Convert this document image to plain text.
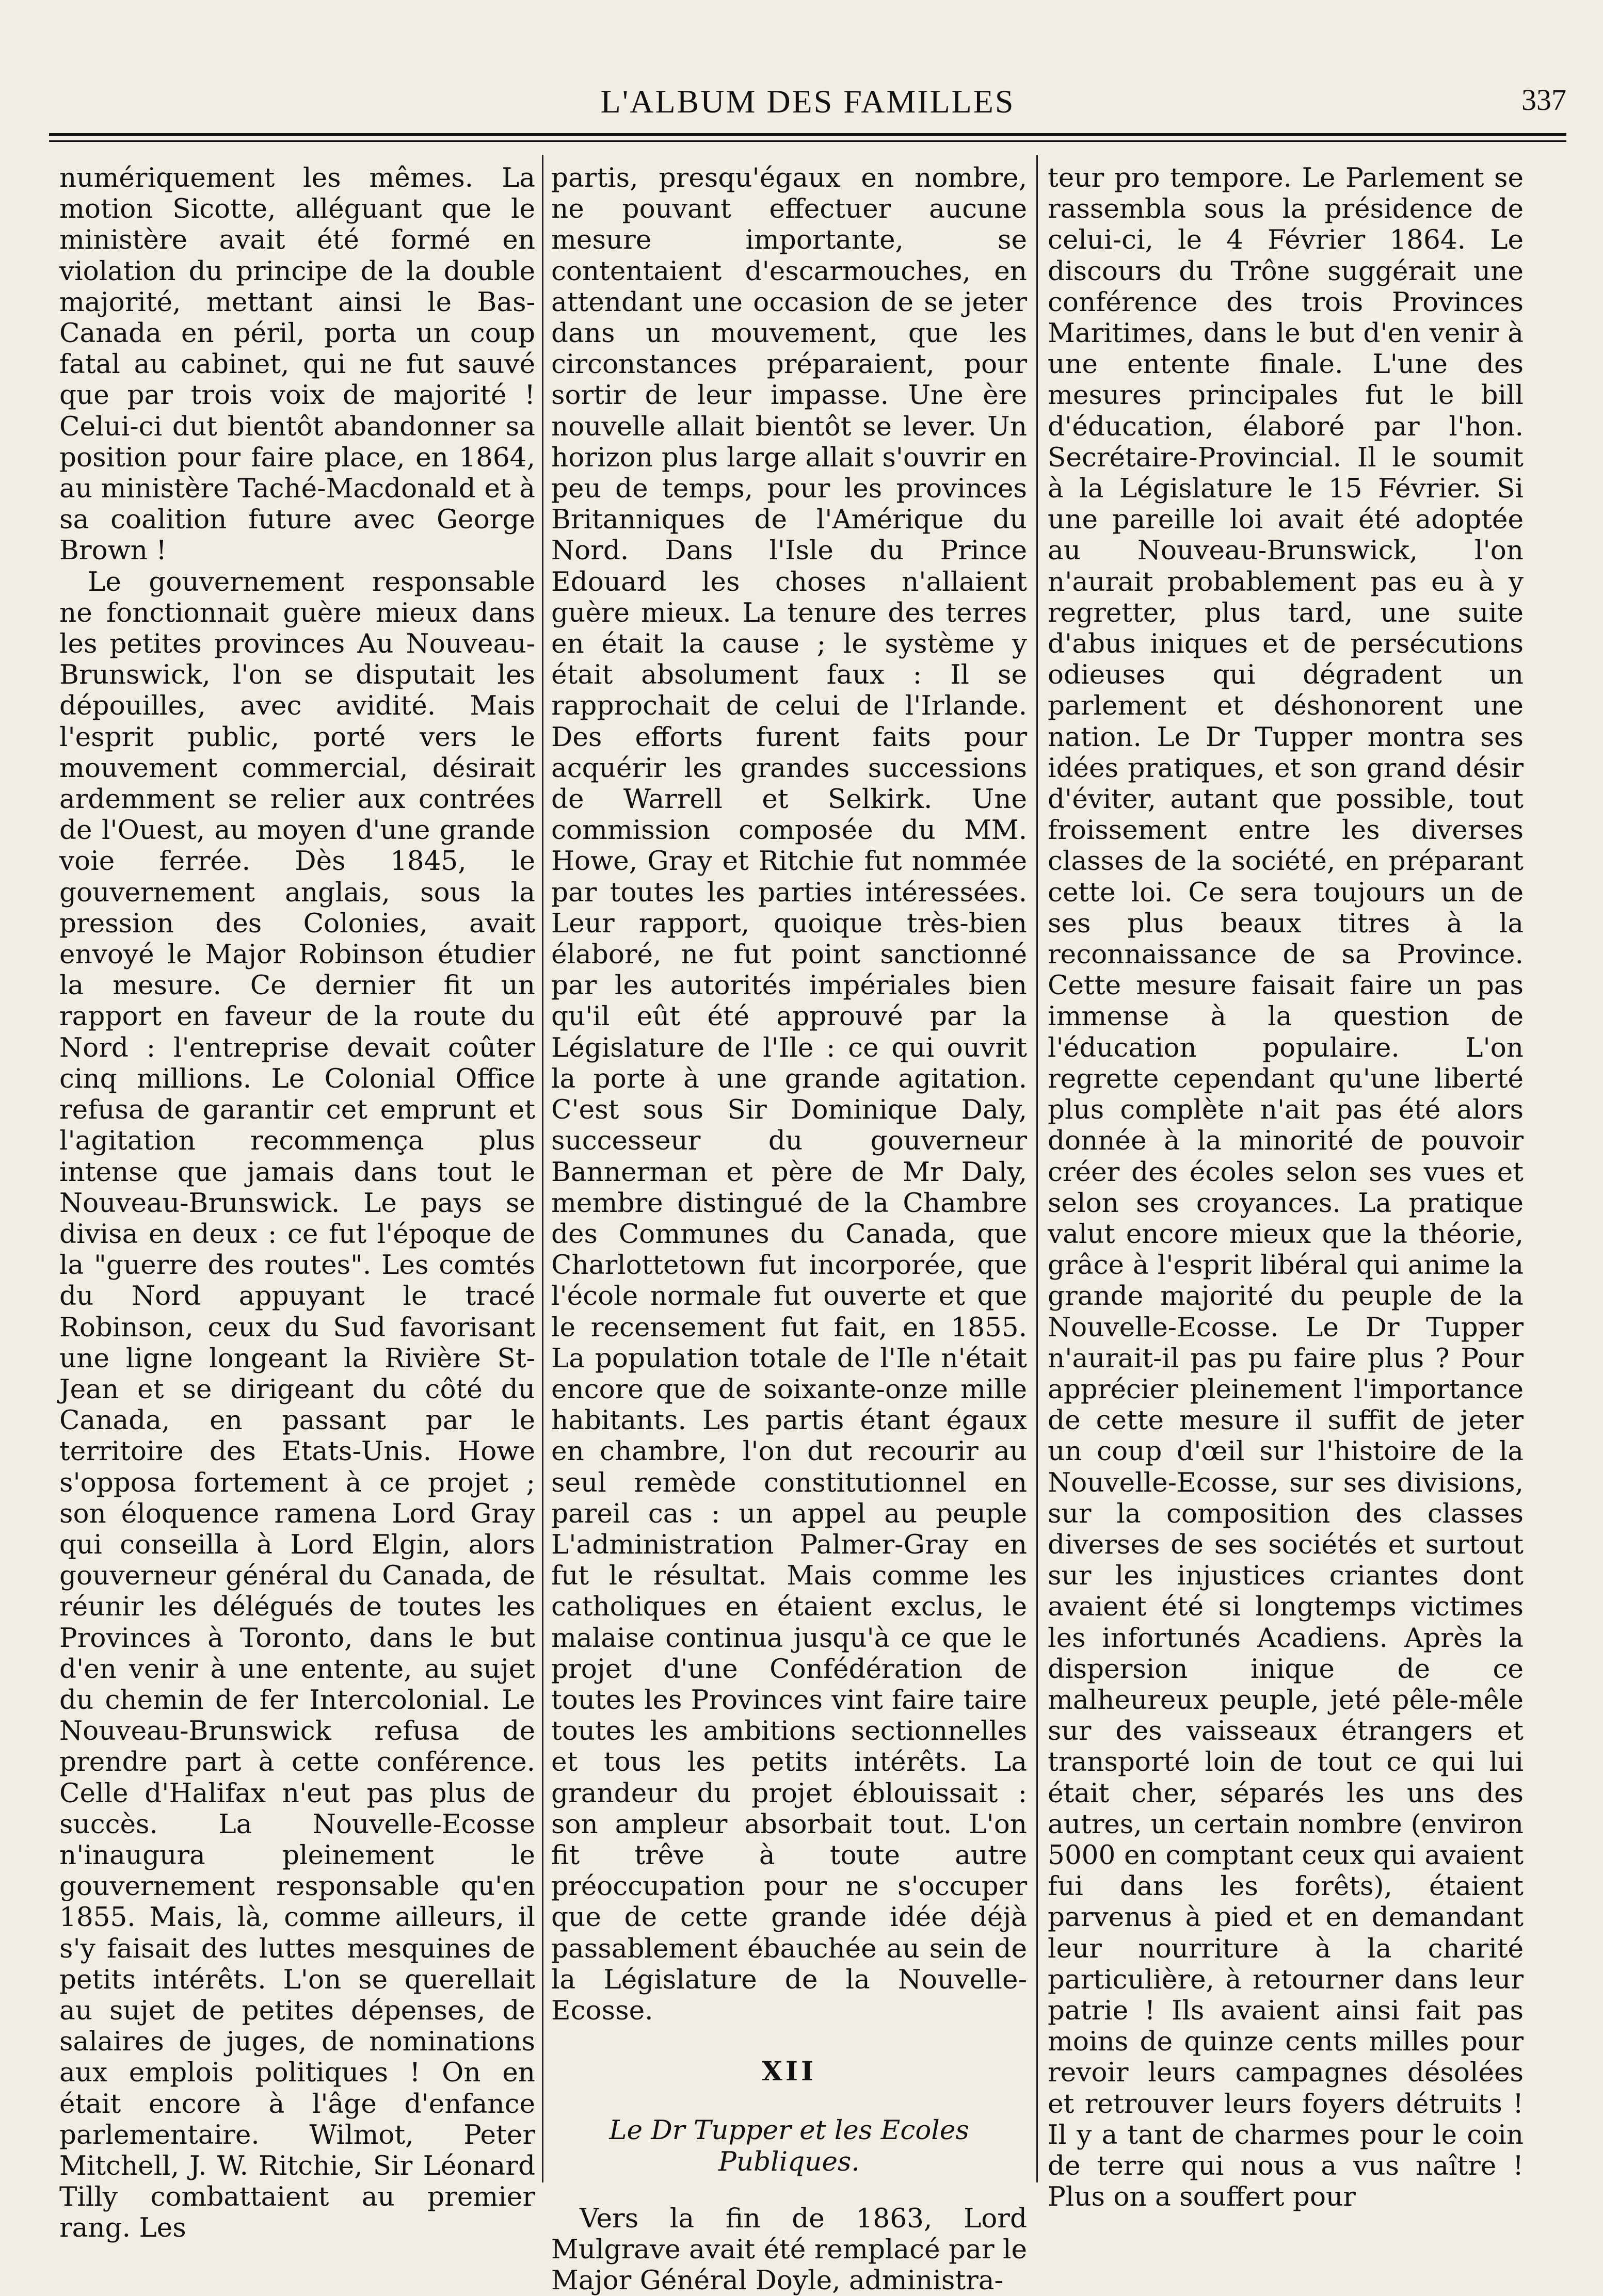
L'ALBUM DES FAMILLES	337

numériquement les mêmes. La motion Sicotte, alléguant que le ministère avait été formé en violation du principe de la double majorité, mettant ainsi le Bas-Canada en péril, porta un coup fatal au cabinet, qui ne fut sauvé que par trois voix de majorité ! Celui-ci dut bientôt abandonner sa position pour faire place, en 1864, au ministère Taché-Macdonald et à sa coalition future avec George Brown !

Le gouvernement responsable ne fonctionnait guère mieux dans les petites provinces Au Nouveau-Brunswick, l'on se disputait les dépouilles, avec avidité. Mais l'esprit public, porté vers le mouvement commercial, désirait ardemment se relier aux contrées de l'Ouest, au moyen d'une grande voie ferrée. Dès 1845, le gouvernement anglais, sous la pression des Colonies, avait envoyé le Major Robinson étudier la mesure. Ce dernier fit un rapport en faveur de la route du Nord : l'entreprise devait coûter cinq millions. Le Colonial Office refusa de garantir cet emprunt et l'agitation recommença plus intense que jamais dans tout le Nouveau-Brunswick. Le pays se divisa en deux : ce fut l'époque de la "guerre des routes". Les comtés du Nord appuyant le tracé Robinson, ceux du Sud favorisant une ligne longeant la Rivière St-Jean et se dirigeant du côté du Canada, en passant par le territoire des Etats-Unis. Howe s'opposa fortement à ce projet ; son éloquence ramena Lord Gray qui conseilla à Lord Elgin, alors gouverneur général du Canada, de réunir les délégués de toutes les Provinces à Toronto, dans le but d'en venir à une entente, au sujet du chemin de fer Intercolonial. Le Nouveau-Brunswick refusa de prendre part à cette conférence. Celle d'Halifax n'eut pas plus de succès. La Nouvelle-Ecosse n'inaugura pleinement le gouvernement responsable qu'en 1855. Mais, là, comme ailleurs, il s'y faisait des luttes mesquines de petits intérêts. L'on se querellait au sujet de petites dépenses, de salaires de juges, de nominations aux emplois politiques ! On en était encore à l'âge d'enfance parlementaire. Wilmot, Peter Mitchell, J. W. Ritchie, Sir Léonard Tilly combattaient au premier rang. Les

partis, presqu'égaux en nombre, ne pouvant effectuer aucune mesure importante, se contentaient d'escarmouches, en attendant une occasion de se jeter dans un mouvement, que les circonstances préparaient, pour sortir de leur impasse. Une ère nouvelle allait bientôt se lever. Un horizon plus large allait s'ouvrir en peu de temps, pour les provinces Britanniques de l'Amérique du Nord. Dans l'Isle du Prince Edouard les choses n'allaient guère mieux. La tenure des terres en était la cause ; le système y était absolument faux : Il se rapprochait de celui de l'Irlande. Des efforts furent faits pour acquérir les grandes successions de Warrell et Selkirk. Une commission composée du MM. Howe, Gray et Ritchie fut nommée par toutes les parties intéressées. Leur rapport, quoique très-bien élaboré, ne fut point sanctionné par les autorités impériales bien qu'il eût été approuvé par la Législature de l'Ile : ce qui ouvrit la porte à une grande agitation. C'est sous Sir Dominique Daly, successeur du gouverneur Bannerman et père de Mr Daly, membre distingué de la Chambre des Communes du Canada, que Charlottetown fut incorporée, que l'école normale fut ouverte et que le recensement fut fait, en 1855. La population totale de l'Ile n'était encore que de soixante-onze mille habitants. Les partis étant égaux en chambre, l'on dut recourir au seul remède constitutionnel en pareil cas : un appel au peuple L'administration Palmer-Gray en fut le résultat. Mais comme les catholiques en étaient exclus, le malaise continua jusqu'à ce que le projet d'une Confédération de toutes les Provinces vint faire taire toutes les ambitions sectionnelles et tous les petits intérêts. La grandeur du projet éblouissait : son ampleur absorbait tout. L'on fit trêve à toute autre préoccupation pour ne s'occuper que de cette grande idée déjà passablement ébauchée au sein de la Législature de la Nouvelle-Ecosse.

XII
Le Dr Tupper et les Ecoles Publiques.

Vers la fin de 1863, Lord Mulgrave avait été remplacé par le Major Général Doyle, administra-

teur pro tempore. Le Parlement se rassembla sous la présidence de celui-ci, le 4 Février 1864. Le discours du Trône suggérait une conférence des trois Provinces Maritimes, dans le but d'en venir à une entente finale. L'une des mesures principales fut le bill d'éducation, élaboré par l'hon. Secrétaire-Provincial. Il le soumit à la Législature le 15 Février. Si une pareille loi avait été adoptée au Nouveau-Brunswick, l'on n'aurait probablement pas eu à y regretter, plus tard, une suite d'abus iniques et de persécutions odieuses qui dégradent un parlement et déshonorent une nation. Le Dr Tupper montra ses idées pratiques, et son grand désir d'éviter, autant que possible, tout froissement entre les diverses classes de la société, en préparant cette loi. Ce sera toujours un de ses plus beaux titres à la reconnaissance de sa Province. Cette mesure faisait faire un pas immense à la question de l'éducation populaire. L'on regrette cependant qu'une liberté plus complète n'ait pas été alors donnée à la minorité de pouvoir créer des écoles selon ses vues et selon ses croyances. La pratique valut encore mieux que la théorie, grâce à l'esprit libéral qui anime la grande majorité du peuple de la Nouvelle-Ecosse. Le Dr Tupper n'aurait-il pas pu faire plus ? Pour apprécier pleinement l'importance de cette mesure il suffit de jeter un coup d'œil sur l'histoire de la Nouvelle-Ecosse, sur ses divisions, sur la composition des classes diverses de ses sociétés et surtout sur les injustices criantes dont avaient été si longtemps victimes les infortunés Acadiens. Après la dispersion inique de ce malheureux peuple, jeté pêle-mêle sur des vaisseaux étrangers et transporté loin de tout ce qui lui était cher, séparés les uns des autres, un certain nombre (environ 5000 en comptant ceux qui avaient fui dans les forêts), étaient parvenus à pied et en demandant leur nourriture à la charité particulière, à retourner dans leur patrie ! Ils avaient ainsi fait pas moins de quinze cents milles pour revoir leurs campagnes désolées et retrouver leurs foyers détruits ! Il y a tant de charmes pour le coin de terre qui nous a vus naître ! Plus on a souffert pour
